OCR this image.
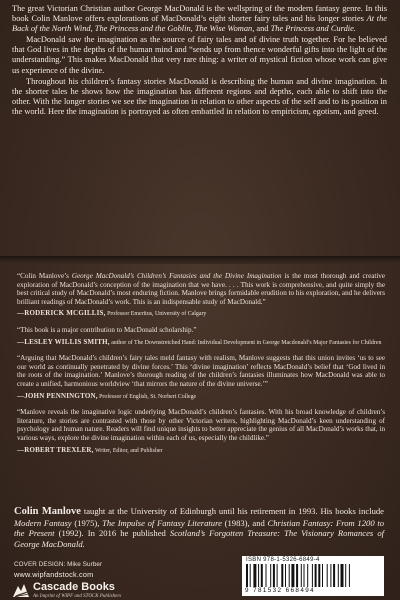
The great Victorian Christian author George MacDonald is the wellspring of the modern fantasy genre. In this book Colin Manlove offers explorations of MacDonald’s eight shorter fairy tales and his longer stories At the Back of the North Wind, The Princess and the Goblin, The Wise Woman, and The Princess and Curdie.

MacDonald saw the imagination as the source of fairy tales and of divine truth together. For he believed that God lives in the depths of the human mind and “sends up from thence wonderful gifts into the light of the understanding.” This makes MacDonald that very rare thing: a writer of mystical fiction whose work can give us experience of the divine.

Throughout his children’s fantasy stories MacDonald is describing the human and divine imagination. In the shorter tales he shows how the imagination has different regions and depths, each able to shift into the other. With the longer stories we see the imagination in relation to other aspects of the self and to its position in the world. Here the imagination is portrayed as often embattled in relation to empiricism, egotism, and greed.

“Colin Manlove’s George MacDonald’s Children’s Fantasies and the Divine Imagination is the most thorough and creative exploration of MacDonald’s conception of the imagination that we have. . . . This work is comprehensive, and quite simply the best critical study of MacDonald’s most enduring fiction. Manlove brings formidable erudition to his exploration, and he delivers brilliant readings of MacDonald’s work. This is an indispensable study of MacDonald.”

—RODERICK MCGILLIS, Professor Emeritus, University of Calgary

“This book is a major contribution to MacDonald scholarship.”

—LESLEY WILLIS SMITH, author of The Downstretched Hand: Individual Development in George Macdonald’s Major Fantasies for Children

“Arguing that MacDonald’s children’s fairy tales meld fantasy with realism, Manlove suggests that this union invites ‘us to see our world as continually penetrated by divine forces.’ This ‘divine imagination’ reflects MacDonald’s belief that ‘God lived in the roots of the imagination.’ Manlove’s thorough reading of the children’s fantasies illuminates how MacDonald was able to create a unified, harmonious worldview ‘that mirrors the nature of the divine universe.’”

—JOHN PENNINGTON, Professor of English, St. Norbert College

“Manlove reveals the imaginative logic underlying MacDonald’s children’s fantasies. With his broad knowledge of children’s literature, the stories are contrasted with those by other Victorian writers, highlighting MacDonald’s keen understanding of psychology and human nature. Readers will find unique insights to better appreciate the genius of all MacDonald’s works that, in various ways, explore the divine imagination within each of us, especially the childlike.”

—ROBERT TREXLER, Writer, Editor, and Publisher
Colin Manlove taught at the University of Edinburgh until his retirement in 1993. His books include Modern Fantasy (1975), The Impulse of Fantasy Literature (1983), and Christian Fantasy: From 1200 to the Present (1992). In 2016 he published Scotland’s Forgotten Treasure: The Visionary Romances of George MacDonald.
COVER DESIGN: Mike Surber
www.wipfandstock.com
Cascade Books
An Imprint of WIPF and STOCK Publishers
ISBN 978-1-5326-6849-4
9 781532 668494
